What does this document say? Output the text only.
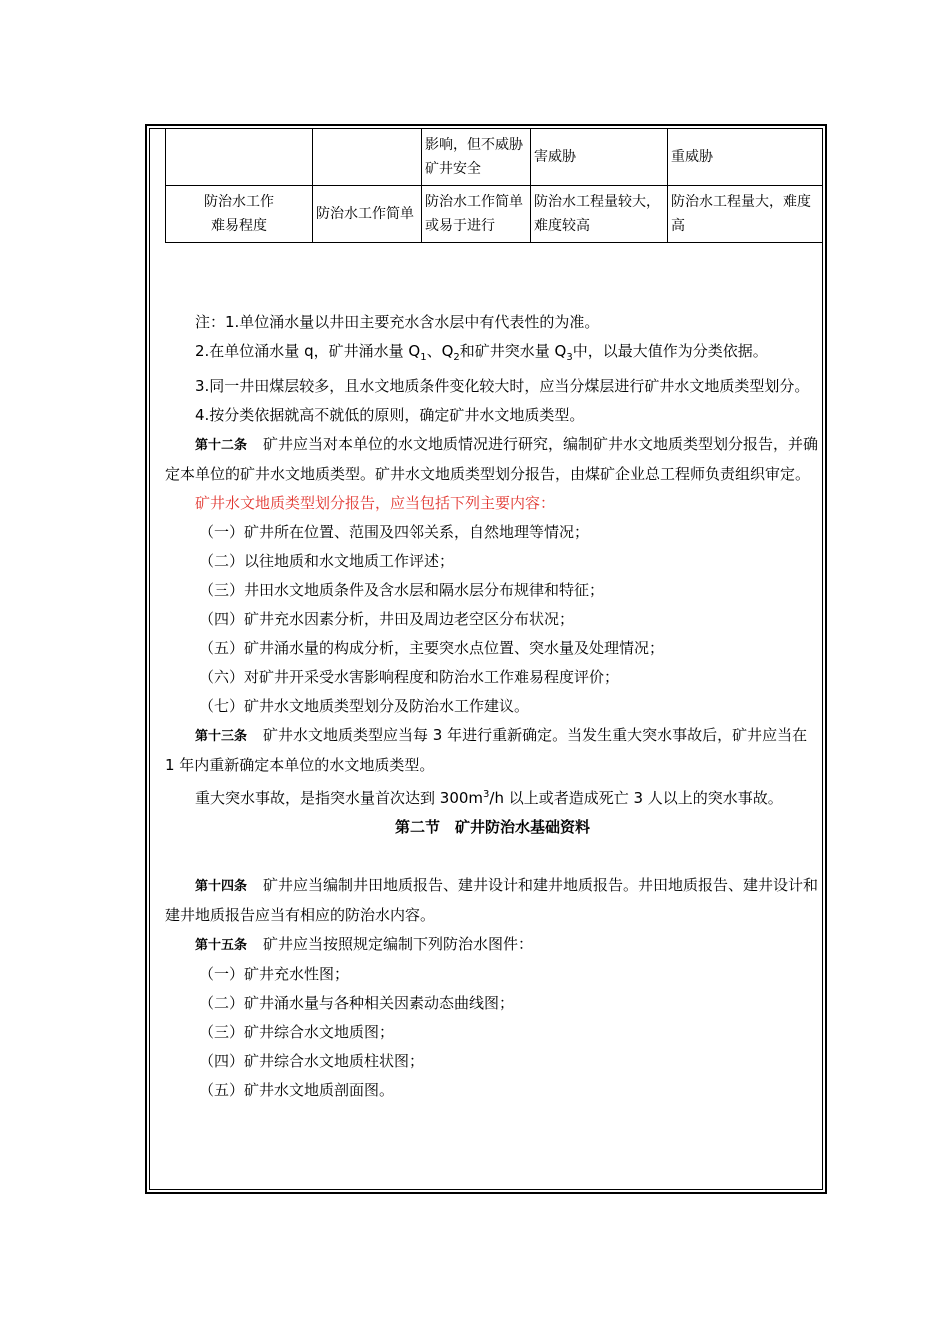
		影响，但不威胁矿井安全	害威胁	重威胁
防治水工作
难易程度	防治水工作简单	防治水工作简单或易于进行	防治水工程量较大，难度较高	防治水工程量大，难度高

注：1.单位涌水量以井田主要充水含水层中有代表性的为准。

2.在单位涌水量 q，矿井涌水量 $Q_1$、$Q_2$和矿井突水量 $Q_3$中，以最大值作为分类依据。

3.同一井田煤层较多，且水文地质条件变化较大时，应当分煤层进行矿井水文地质类型划分。

4.按分类依据就高不就低的原则，确定矿井水文地质类型。

第十二条 矿井应当对本单位的水文地质情况进行研究，编制矿井水文地质类型划分报告，并确定本单位的矿井水文地质类型。矿井水文地质类型划分报告，由煤矿企业总工程师负责组织审定。

矿井水文地质类型划分报告，应当包括下列主要内容：

（一）矿井所在位置、范围及四邻关系，自然地理等情况；

（二）以往地质和水文地质工作评述；

（三）井田水文地质条件及含水层和隔水层分布规律和特征；

（四）矿井充水因素分析，井田及周边老空区分布状况；

（五）矿井涌水量的构成分析，主要突水点位置、突水量及处理情况；

（六）对矿井开采受水害影响程度和防治水工作难易程度评价；

（七）矿井水文地质类型划分及防治水工作建议。

第十三条 矿井水文地质类型应当每 3 年进行重新确定。当发生重大突水事故后，矿井应当在 1 年内重新确定本单位的水文地质类型。

重大突水事故，是指突水量首次达到 $300m^3/h$ 以上或者造成死亡 3 人以上的突水事故。

第二节　矿井防治水基础资料

第十四条 矿井应当编制井田地质报告、建井设计和建井地质报告。井田地质报告、建井设计和建井地质报告应当有相应的防治水内容。

第十五条 矿井应当按照规定编制下列防治水图件：

（一）矿井充水性图；

（二）矿井涌水量与各种相关因素动态曲线图；

（三）矿井综合水文地质图；

（四）矿井综合水文地质柱状图；

（五）矿井水文地质剖面图。
